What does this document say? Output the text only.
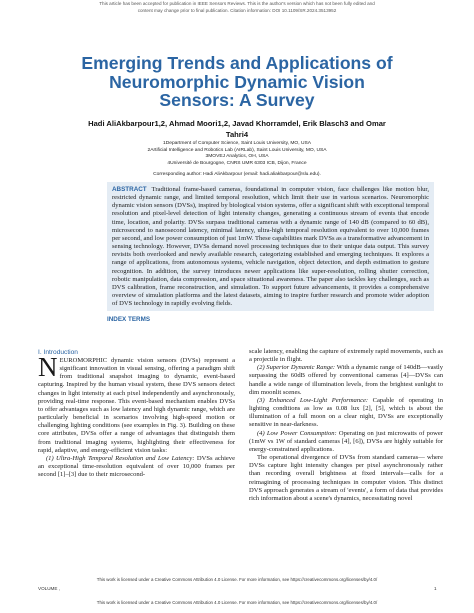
This article has been accepted for publication in IEEE Sensors Reviews. This is the author's version which has not been fully edited and
content may change prior to final publication. Citation information: DOI 10.1109/SR.2024.3513952
Emerging Trends and Applications of
Neuromorphic Dynamic Vision
Sensors: A Survey
Hadi AliAkbarpour1,2, Ahmad Moori1,2, Javad Khorramdel, Erik Blasch3 and Omar
Tahri4
1Department of Computer Science, Saint Louis University, MO, USA
2Artificial Intelligence and Robotics Lab (AIRLab), Saint Louis University, MO, USA
3MOVEJ Analytics, OH, USA
4Université de Bourgogne, CNRS UMR 6303 ICB, Dijon, France
Corresponding author: Hadi AliAkbarpour (email: hadi.aliakbarpour@slu.edu).
ABSTRACT Traditional frame-based cameras, foundational in computer vision, face challenges like motion blur, restricted dynamic range, and limited temporal resolution, which limit their use in various scenarios. Neuromorphic dynamic vision sensors (DVSs), inspired by biological vision systems, offer a significant shift with exceptional temporal resolution and pixel-level detection of light intensity changes, generating a continuous stream of events that encode time, location, and polarity. DVSs surpass traditional cameras with a dynamic range of 140 dB (compared to 60 dB), microsecond to nanosecond latency, minimal latency, ultra-high temporal resolution equivalent to over 10,000 frames per second, and low power consumption of just 1mW. These capabilities mark DVSs as a transformative advancement in sensing technology. However, DVSs demand novel processing techniques due to their unique data output. This survey revisits both overlooked and newly available research, categorizing established and emerging techniques. It explores a range of applications, from autonomous systems, vehicle navigation, object detection, and depth estimation to gesture recognition. In addition, the survey introduces newer applications like super-resolution, rolling shutter correction, robotic manipulation, data compression, and space situational awareness. The paper also tackles key challenges, such as DVS calibration, frame reconstruction, and simulation. To support future advancements, it provides a comprehensive overview of simulation platforms and the latest datasets, aiming to inspire further research and promote wider adoption of DVS technology in rapidly evolving fields.
INDEX TERMS

I. Introduction

NEUROMORPHIC dynamic vision sensors (DVSs) represent a significant innovation in visual sensing, offering a paradigm shift from traditional snapshot imaging to dynamic, event-based capturing. Inspired by the human visual system, these DVS sensors detect changes in light intensity at each pixel independently and asynchronously, providing real-time response. This event-based mechanism enables DVSs to offer advantages such as low latency and high dynamic range, which are particularly beneficial in scenarios involving high-speed motion or challenging lighting conditions (see examples in Fig. 3). Building on these core attributes, DVSs offer a range of advantages that distinguish them from traditional imaging systems, highlighting their effectiveness for rapid, adaptive, and energy-efficient vision tasks:

(1) Ultra-High Temporal Resolution and Low Latency: DVSs achieve an exceptional time-resolution equivalent of over 10,000 frames per second [1]–[3] due to their microsecond-

scale latency, enabling the capture of extremely rapid movements, such as a projectile in flight.

(2) Superior Dynamic Range: With a dynamic range of 140dB—vastly surpassing the 60dB offered by conventional cameras [4]—DVSs can handle a wide range of illumination levels, from the brightest sunlight to dim moonlit scenes.

(3) Enhanced Low-Light Performance: Capable of operating in lighting conditions as low as 0.08 lux [2], [5], which is about the illumination of a full moon on a clear night, DVSs are exceptionally sensitive in near-darkness.

(4) Low Power Consumption: Operating on just microwatts of power (1mW vs 1W of standard cameras [4], [6]), DVSs are highly suitable for energy-constrained applications.

The operational divergence of DVSs from standard cameras— where DVSs capture light intensity changes per pixel asynchronously rather than recording overall brightness at fixed intervals—calls for a reimagining of processing techniques in computer vision. This distinct DVS approach generates a stream of 'events', a form of data that provides rich information about a scene's dynamics, necessitating novel

This work is licensed under a Creative Commons Attribution 4.0 License. For more information, see https://creativecommons.org/licenses/by/4.0/
VOLUME ,	1
This work is licensed under a Creative Commons Attribution 4.0 License. For more information, see https://creativecommons.org/licenses/by/4.0/
